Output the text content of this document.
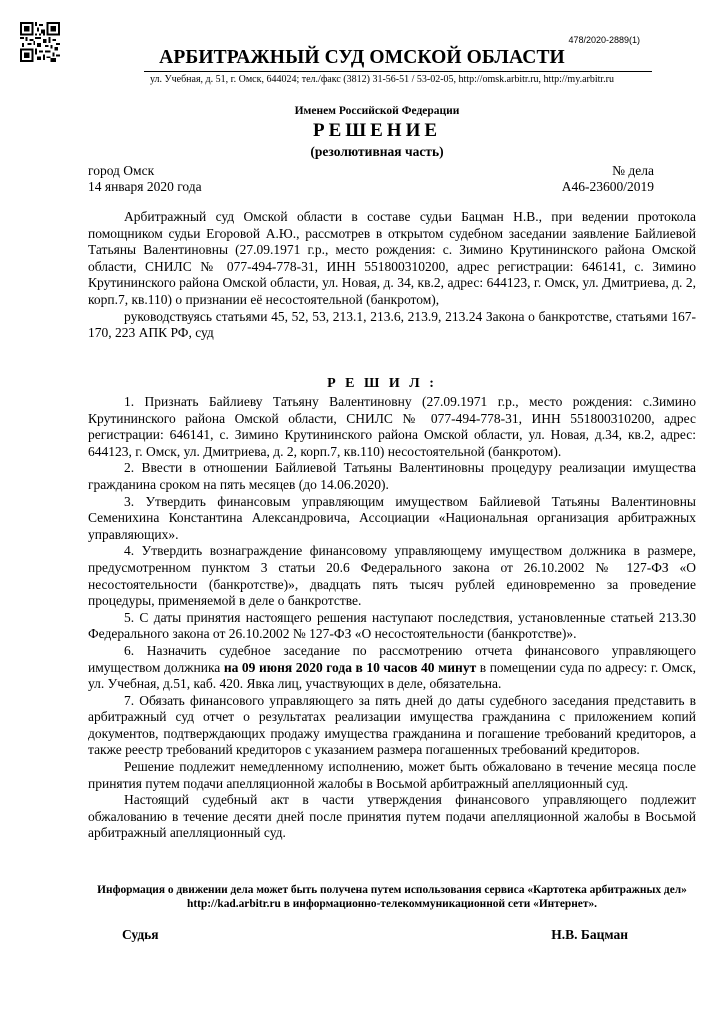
478/2020-2889(1)
АРБИТРАЖНЫЙ СУД ОМСКОЙ ОБЛАСТИ
ул. Учебная, д. 51, г. Омск, 644024; тел./факс (3812) 31-56-51 / 53-02-05, http://omsk.arbitr.ru, http://my.arbitr.ru
Именем Российской Федерации
РЕШЕНИЕ
(резолютивная часть)
город Омск
14 января 2020 года
№ дела
А46-23600/2019

Арбитражный суд Омской области в составе судьи Бацман Н.В., при ведении протокола помощником судьи Егоровой А.Ю., рассмотрев в открытом судебном заседании заявление Байлиевой Татьяны Валентиновны (27.09.1971 г.р., место рождения: с. Зимино Крутининского района Омской области, СНИЛС № 077-494-778-31, ИНН 551800310200, адрес регистрации: 646141, с. Зимино Крутининского района Омской области, ул. Новая, д. 34, кв.2, адрес: 644123, г. Омск, ул. Дмитриева, д. 2, корп.7, кв.110) о признании её несостоятельной (банкротом),

руководствуясь статьями 45, 52, 53, 213.1, 213.6, 213.9, 213.24 Закона о банкротстве, статьями 167-170, 223 АПК РФ, суд

Р Е Ш И Л :

1. Признать Байлиеву Татьяну Валентиновну (27.09.1971 г.р., место рождения: с.Зимино Крутининского района Омской области, СНИЛС № 077-494-778-31, ИНН 551800310200, адрес регистрации: 646141, с. Зимино Крутининского района Омской области, ул. Новая, д.34, кв.2, адрес: 644123, г. Омск, ул. Дмитриева, д. 2, корп.7, кв.110) несостоятельной (банкротом).

2. Ввести в отношении Байлиевой Татьяны Валентиновны процедуру реализации имущества гражданина сроком на пять месяцев (до 14.06.2020).

3. Утвердить финансовым управляющим имуществом Байлиевой Татьяны Валентиновны Семенихина Константина Александровича, Ассоциации «Национальная организация арбитражных управляющих».

4. Утвердить вознаграждение финансовому управляющему имуществом должника в размере, предусмотренном пунктом 3 статьи 20.6 Федерального закона от 26.10.2002 № 127-ФЗ «О несостоятельности (банкротстве)», двадцать пять тысяч рублей единовременно за проведение процедуры, применяемой в деле о банкротстве.

5. С даты принятия настоящего решения наступают последствия, установленные статьей 213.30 Федерального закона от 26.10.2002 № 127-ФЗ «О несостоятельности (банкротстве)».

6. Назначить судебное заседание по рассмотрению отчета финансового управляющего имуществом должника на 09 июня 2020 года в 10 часов 40 минут в помещении суда по адресу: г. Омск, ул. Учебная, д.51, каб. 420. Явка лиц, участвующих в деле, обязательна.

7. Обязать финансового управляющего за пять дней до даты судебного заседания представить в арбитражный суд отчет о результатах реализации имущества гражданина с приложением копий документов, подтверждающих продажу имущества гражданина и погашение требований кредиторов, а также реестр требований кредиторов с указанием размера погашенных требований кредиторов.

Решение подлежит немедленному исполнению, может быть обжаловано в течение месяца после принятия путем подачи апелляционной жалобы в Восьмой арбитражный апелляционный суд.

Настоящий судебный акт в части утверждения финансового управляющего подлежит обжалованию в течение десяти дней после принятия путем подачи апелляционной жалобы в Восьмой арбитражный апелляционный суд.

Информация о движении дела может быть получена путем использования сервиса «Картотека арбитражных дел» http://kad.arbitr.ru в информационно-телекоммуникационной сети «Интернет».
Судья	Н.В. Бацман
